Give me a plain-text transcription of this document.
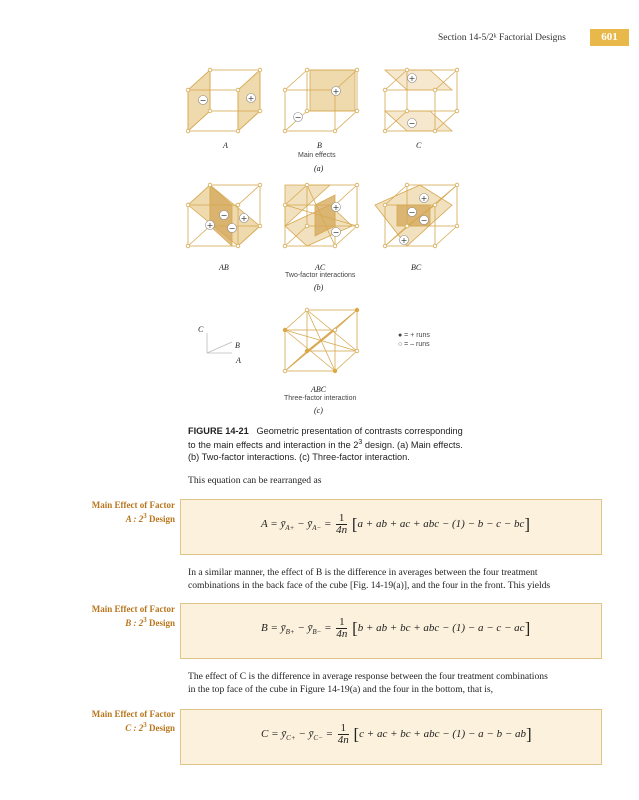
Section 14-5/2ᵏ Factorial Designs	601
−	+
+
−
+
−
+
−
−
+
+
−
+
−
−
+
A	B	C
Main effects
(a)
AB	AC	BC
Two-factor interactions
(b)
C
B
A
● = + runs
○ = – runs
ABC
Three-factor interaction
(c)
FIGURE 14-21 Geometric presentation of contrasts corresponding
to the main effects and interaction in the $2^3$ design. (a) Main effects.
(b) Two-factor interactions. (c) Three-factor interaction.
This equation can be rearranged as
Main Effect of Factor
A : $2^3$ Design	$A = ȳ_{A+}$ − $ȳ_{A-} = \frac{1}{4n} [a$ + ab + ac + abc − (1) − b − c − bc]
In a similar manner, the effect of B is the difference in averages between the four treatment
combinations in the back face of the cube [Fig. 14-19(a)], and the four in the front. This yields
Main Effect of Factor
B : $2^3$ Design	$B = ȳ_{B+}$ − $ȳ_{B-} = \frac{1}{4n} [b$ + ab + bc + abc − (1) − a − c − ac]
The effect of C is the difference in average response between the four treatment combinations
in the top face of the cube in Figure 14-19(a) and the four in the bottom, that is,
Main Effect of Factor
C : $2^3$ Design
$C = ȳ_{C+}$ − $ȳ_{C-} = \frac{1}{4n} [c$ + ac + bc + abc − (1) − a − b − ab]
